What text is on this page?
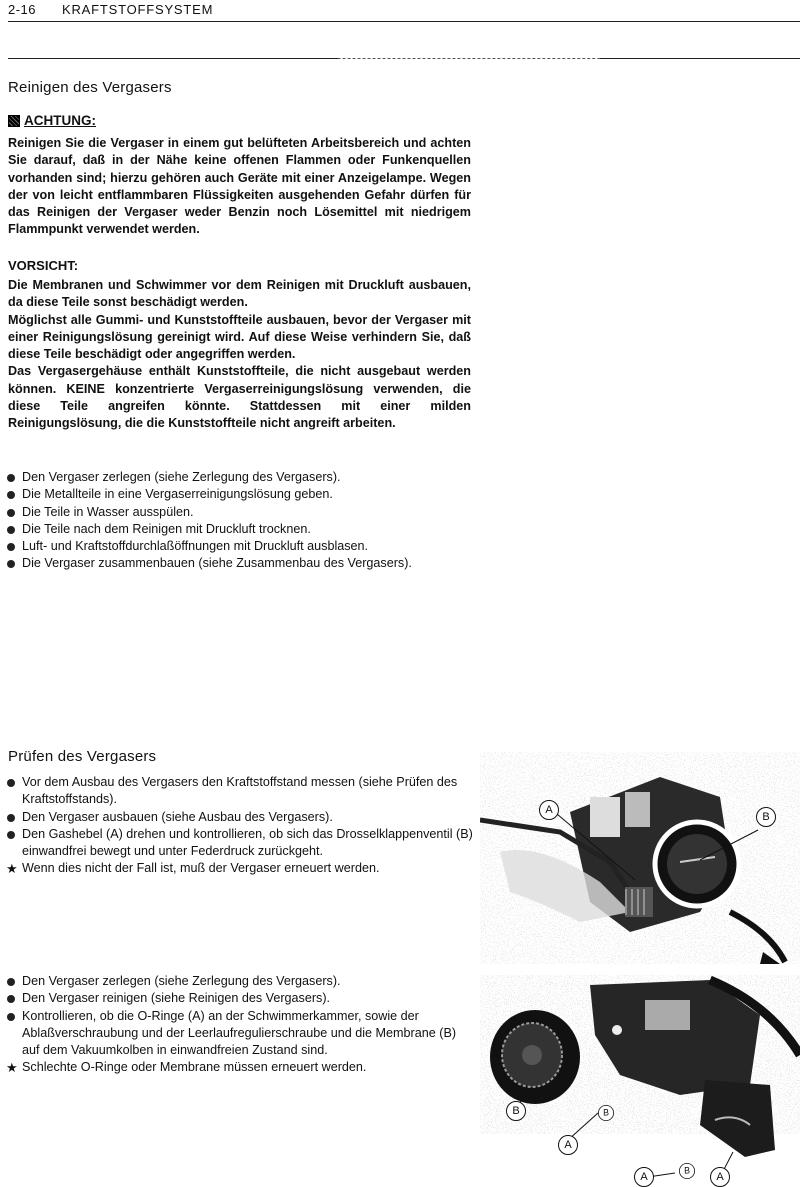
2-16 KRAFTSTOFFSYSTEM
Reinigen des Vergasers
ACHTUNG:
Reinigen Sie die Vergaser in einem gut belüfteten Arbeitsbereich und achten Sie darauf, daß in der Nähe keine offenen Flammen oder Funkenquellen vorhanden sind; hierzu gehören auch Geräte mit einer Anzeigelampe. Wegen der von leicht entflammbaren Flüssigkeiten ausgehenden Gefahr dürfen für das Reinigen der Vergaser weder Benzin noch Lösemittel mit niedrigem Flammpunkt verwendet werden.
VORSICHT:

Die Membranen und Schwimmer vor dem Reinigen mit Druckluft ausbauen, da diese Teile sonst beschädigt werden.

Möglichst alle Gummi- und Kunststoffteile ausbauen, bevor der Vergaser mit einer Reinigungslösung gereinigt wird. Auf diese Weise verhindern Sie, daß diese Teile beschädigt oder angegriffen werden.

Das Vergasergehäuse enthält Kunststoffteile, die nicht ausgebaut werden können. KEINE konzentrierte Vergaserreinigungslösung verwenden, die diese Teile angreifen könnte. Stattdessen mit einer milden Reinigungslösung, die die Kunststoffteile nicht angreift arbeiten.

Den Vergaser zerlegen (siehe Zerlegung des Vergasers).
Die Metallteile in eine Vergaserreinigungslösung geben.
Die Teile in Wasser ausspülen.
Die Teile nach dem Reinigen mit Druckluft trocknen.
Luft- und Kraftstoffdurchlaßöffnungen mit Druckluft ausblasen.
Die Vergaser zusammenbauen (siehe Zusammenbau des Vergasers).
Prüfen des Vergasers
Vor dem Ausbau des Vergasers den Kraftstoffstand messen (siehe Prüfen des Kraftstoffstands).
Den Vergaser ausbauen (siehe Ausbau des Vergasers).
Den Gashebel (A) drehen und kontrollieren, ob sich das Drosselklappenventil (B) einwandfrei bewegt und unter Federdruck zurückgeht.
★ Wenn dies nicht der Fall ist, muß der Vergaser erneuert werden.
Den Vergaser zerlegen (siehe Zerlegung des Vergasers).
Den Vergaser reinigen (siehe Reinigen des Vergasers).
Kontrollieren, ob die O-Ringe (A) an der Schwimmerkammer, sowie der Ablaßverschraubung und der Leerlaufregulierschraube und die Membrane (B) auf dem Vakuumkolben in einwandfreien Zustand sind.
★ Schlechte O-Ringe oder Membrane müssen erneuert werden.
A
B
B
A
B
A	B	A
